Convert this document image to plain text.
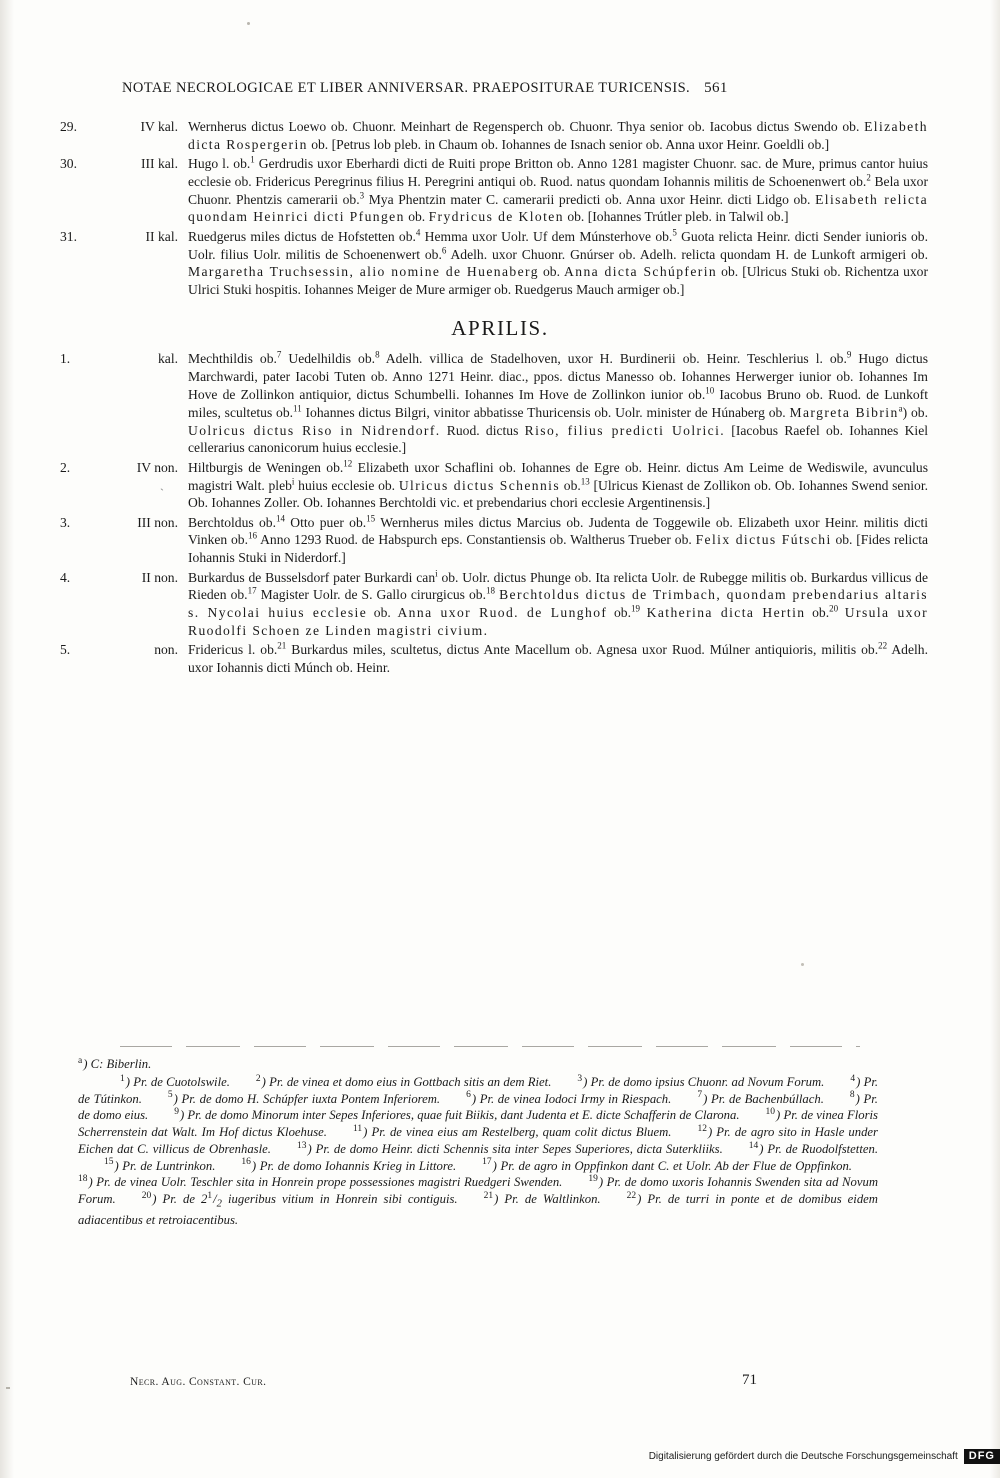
NOTAE NECROLOGICAE ET LIBER ANNIVERSAR. PRAEPOSITURAE TURICENSIS. 561
29.	IV kal.	Wernherus dictus Loewo ob. Chuonr. Meinhart de Regensperch ob. Chuonr. Thya senior ob. Iacobus dictus Swendo ob. Elizabeth dicta Rospergerin ob. [Petrus lob pleb. in Chaum ob. Iohannes de Isnach senior ob. Anna uxor Heinr. Goeldli ob.]
30.	III kal.	Hugo l. ob.$^1$ Gerdrudis uxor Eberhardi dicti de Ruiti prope Britton ob. Anno 1281 magister Chuonr. sac. de Mure, primus cantor huius ecclesie ob. Fridericus Peregrinus filius H. Peregrini antiqui ob. Ruod. natus quondam Iohannis militis de Schoenenwert ob.$^2$ Bela uxor Chuonr. Phentzis camerarii ob.$^3$ Mya Phentzin mater C. camerarii predicti ob. Anna uxor Heinr. dicti Lidgo ob. Elisabeth relicta quondam Heinrici dicti Pfungen ob. Frydricus de Kloten ob. [Iohannes Trútler pleb. in Talwil ob.]
31.	II kal.	Ruedgerus miles dictus de Hofstetten ob.$^4$ Hemma uxor Uolr. Uf dem Múnsterhove ob.$^5$ Guota relicta Heinr. dicti Sender iunioris ob. Uolr. filius Uolr. militis de Schoenenwert ob.$^6$ Adelh. uxor Chuonr. Gnúrser ob. Adelh. relicta quondam H. de Lunkoft armigeri ob. Margaretha Truchsessin, alio nomine de Huenaberg ob. Anna dicta Schúpferin ob. [Ulricus Stuki ob. Richentza uxor Ulrici Stuki hospitis. Iohannes Meiger de Mure armiger ob. Ruedgerus Mauch armiger ob.]
APRILIS.
1.	kal.	Mechthildis ob.$^7$ Uedelhildis ob.$^8$ Adelh. villica de Stadelhoven, uxor H. Burdinerii ob. Heinr. Teschlerius l. ob.$^9$ Hugo dictus Marchwardi, pater Iacobi Tuten ob. Anno 1271 Heinr. diac., ppos. dictus Manesso ob. Iohannes Herwerger iunior ob. Iohannes Im Hove de Zollinkon antiquior, dictus Schumbelli. Iohannes Im Hove de Zollinkon iunior ob.$^{10}$ Iacobus Bruno ob. Ruod. de Lunkoft miles, scultetus ob.$^{11}$ Iohannes dictus Bilgri, vinitor abbatisse Thuricensis ob. Uolr. minister de Húnaberg ob. Margreta Bibrin$^a$) ob. Uolricus dictus Riso in Nidrendorf. Ruod. dictus Riso, filius predicti Uolrici. [Iacobus Raefel ob. Iohannes Kiel cellerarius canonicorum huius ecclesie.]
2.	IV non.	Hiltburgis de Weningen ob.$^{12}$ Elizabeth uxor Schaflini ob. Iohannes de Egre ob. Heinr. dictus Am Leime de Wediswile, avunculus magistri Walt. pleb$^i$ huius ecclesie ob. Ulricus dictus Schennis ob.$^{13}$ [Ulricus Kienast de Zollikon ob. Ob. Iohannes Swend senior. Ob. Iohannes Zoller. Ob. Iohannes Berchtoldi vic. et prebendarius chori ecclesie Argentinensis.]
3.	III non.	Berchtoldus ob.$^{14}$ Otto puer ob.$^{15}$ Wernherus miles dictus Marcius ob. Judenta de Toggewile ob. Elizabeth uxor Heinr. militis dicti Vinken ob.$^{16}$ Anno 1293 Ruod. de Habspurch eps. Constantiensis ob. Waltherus Trueber ob. Felix dictus Fútschi ob. [Fides relicta Iohannis Stuki in Niderdorf.]
4.	II non.	Burkardus de Busselsdorf pater Burkardi can$^i$ ob. Uolr. dictus Phunge ob. Ita relicta Uolr. de Rubegge militis ob. Burkardus villicus de Rieden ob.$^{17}$ Magister Uolr. de S. Gallo cirurgicus ob.$^{18}$ Berchtoldus dictus de Trimbach, quondam prebendarius altaris s. Nycolai huius ecclesie ob. Anna uxor Ruod. de Lunghof ob.$^{19}$ Katherina dicta Hertin ob.$^{20}$ Ursula uxor Ruodolfi Schoen ze Linden magistri civium.
5.	non.	Fridericus l. ob.$^{21}$ Burkardus miles, scultetus, dictus Ante Macellum ob. Agnesa uxor Ruod. Múlner antiquioris, militis ob.$^{22}$ Adelh. uxor Iohannis dicti Múnch ob. Heinr.
ˎ

$^a$) C: Biberlin.

$^1$) Pr. de Cuotolswile.	$^2$) Pr. de vinea et domo eius in Gottbach sitis an dem Riet.	$^3$) Pr. de domo ipsius Chuonr. ad Novum Forum.	$^4$) Pr. de Tútinkon.	$^5$) Pr. de domo H. Schúpfer iuxta Pontem Inferiorem.	$^6$) Pr. de vinea Iodoci Irmy in Riespach.	$^7$) Pr. de Bachenbúllach.	$^8$) Pr. de domo eius.	$^9$) Pr. de domo Minorum inter Sepes Inferiores, quae fuit Biikis, dant Judenta et E. dicte Schafferin de Clarona.	$^{10}$) Pr. de vinea Floris Scherrenstein dat Walt. Im Hof dictus Kloehuse.	$^{11}$) Pr. de vinea eius am Restelberg, quam colit dictus Bluem.	$^{12}$) Pr. de agro sito in Hasle under Eichen dat C. villicus de Obrenhasle.	$^{13}$) Pr. de domo Heinr. dicti Schennis sita inter Sepes Superiores, dicta Suterkliiks.	$^{14}$) Pr. de Ruodolfstetten.$^{15}$) Pr. de Luntrinkon.	$^{16}$) Pr. de domo Iohannis Krieg in Littore.	$^{17}$) Pr. de agro in Oppfinkon dant C. et Uolr. Ab der Flue de Oppfinkon.$^{18}$) Pr. de vinea Uolr. Teschler sita in Honrein prope possessiones magistri Ruedgeri Swenden.	$^{19}$) Pr. de domo uxoris Iohannis Swenden sita ad Novum Forum.	$^{20}$) Pr. de $2^1/_2$ iugeribus vitium in Honrein sibi contiguis.	$^{21}$) Pr. de Waltlinkon.	$^{22}$) Pr. de turri in ponte et de domibus eidem adiacentibus et retroiacentibus.

Necr. Aug. Constant. Cur.	71
Digitalisierung gefördert durch die Deutsche Forschungsgemeinschaft	DFG
